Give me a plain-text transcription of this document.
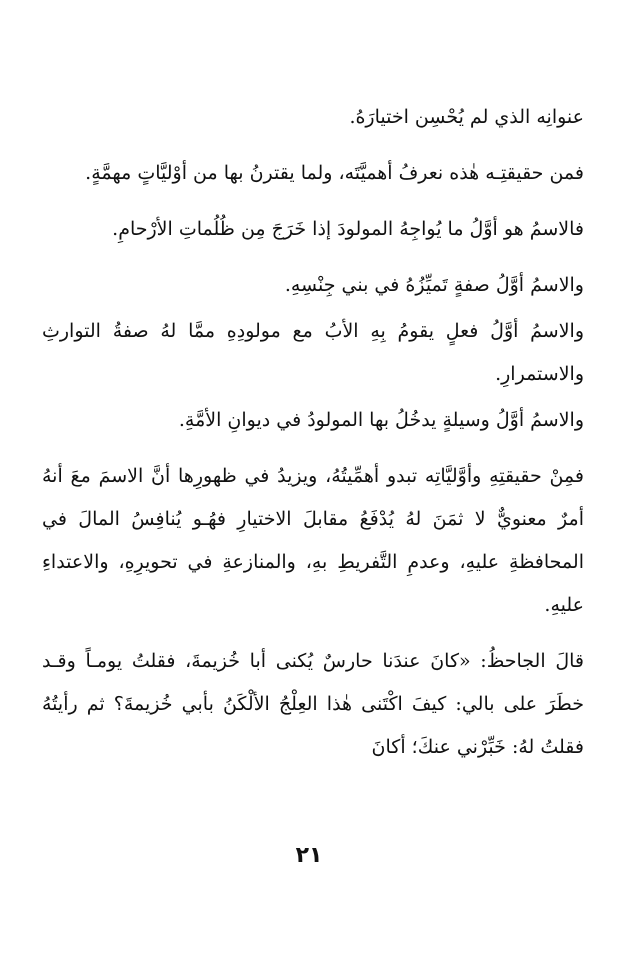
عنوانِه الذي لم يُحْسِن اختيارَهُ.

فمن حقيقتِـه هٰذه نعرفُ أهميَّتَه، ولما يقترنُ بها من أوْليَّاتٍ مهمَّةٍ.

فالاسمُ هو أوَّلُ ما يُواجِهُ المولودَ إذا خَرَجَ مِن ظُلُماتِ الأرْحامِ.

والاسمُ أوَّلُ صفةٍ تَميِّزُهُ في بني جِنْسِهِ.

والاسمُ أوَّلُ فعلٍ يقومُ بِهِ الأبُ مع مولودِهِ ممَّا لهُ صفةُ التوارثِ والاستمرارِ.

والاسمُ أوَّلُ وسيلةٍ يدخُلُ بها المولودُ في ديوانِ الأمَّةِ.

فمِنْ حقيقتِهِ وأوَّليَّاتِه تبدو أهمِّيتُهُ، ويزيدُ في ظهورِها أنَّ الاسمَ معَ أنهُ أمرٌ معنويٌّ لا ثمَنَ لهُ يُدْفَعُ مقابلَ الاختيارِ فهُـو يُنافِسُ المالَ في المحافظةِ عليهِ، وعدمِ التَّفريطِ بهِ، والمنازعةِ في تحويرِهِ، والاعتداءِ عليهِ.

قالَ الجاحظُ: «كانَ عندَنا حارسٌ يُكنى أبا خُزيمةَ، فقلتُ يومـاً وقـد خطَرَ على بالي: كيفَ اكْتَنى هٰذا العِلْجُ الألْكَنُ بأبي خُزيمةَ؟ ثم رأيتُهُ فقلتُ لهُ: خَبِّرْني عنكَ؛ أكانَ

٢١
